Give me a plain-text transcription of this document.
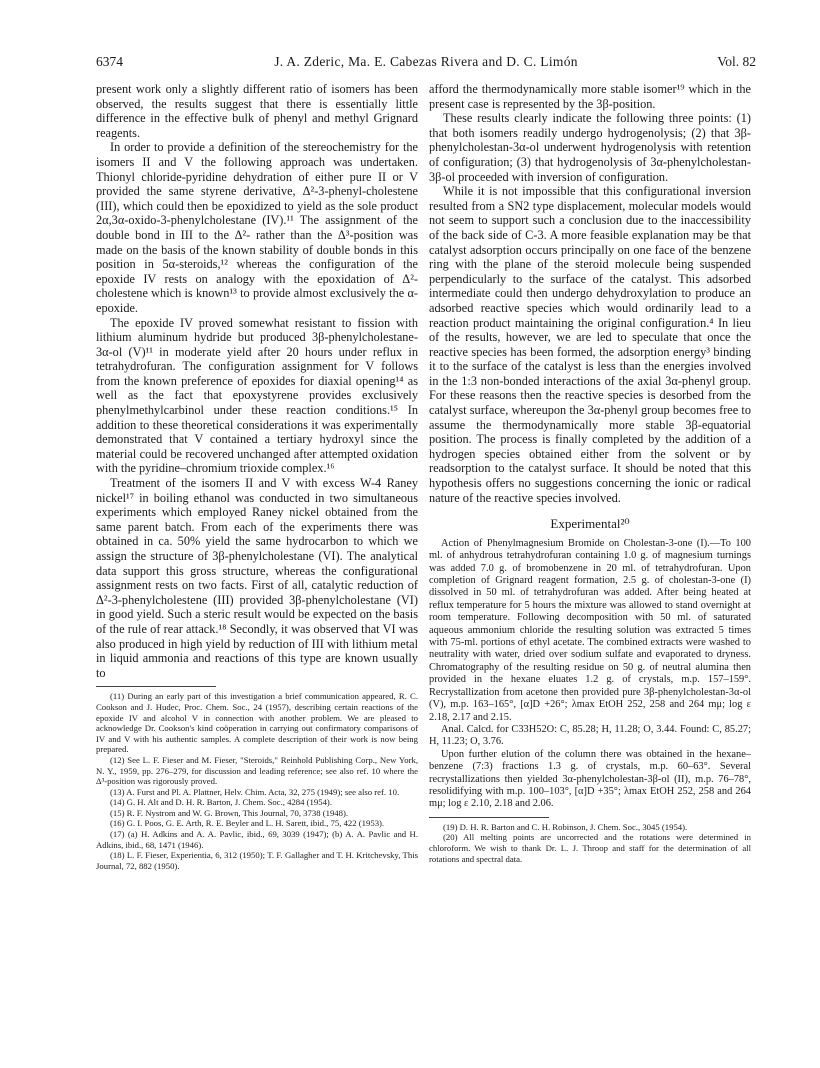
6374	J. A. Zderic, Ma. E. Cabezas Rivera and D. C. Limón	Vol. 82

present work only a slightly different ratio of isomers has been observed, the results suggest that there is essentially little difference in the effective bulk of phenyl and methyl Grignard reagents.

In order to provide a definition of the stereochemistry for the isomers II and V the following approach was undertaken. Thionyl chloride-pyridine dehydration of either pure II or V provided the same styrene derivative, Δ²-3-phenyl-cholestene (III), which could then be epoxidized to yield as the sole product 2α,3α-oxido-3-phenylcholestane (IV).¹¹ The assignment of the double bond in III to the Δ²- rather than the Δ³-position was made on the basis of the known stability of double bonds in this position in 5α-steroids,¹² whereas the configuration of the epoxide IV rests on analogy with the epoxidation of Δ²-cholestene which is known¹³ to provide almost exclusively the α-epoxide.

The epoxide IV proved somewhat resistant to fission with lithium aluminum hydride but produced 3β-phenylcholestane-3α-ol (V)¹¹ in moderate yield after 20 hours under reflux in tetrahydrofuran. The configuration assignment for V follows from the known preference of epoxides for diaxial opening¹⁴ as well as the fact that epoxystyrene provides exclusively phenylmethylcarbinol under these reaction conditions.¹⁵ In addition to these theoretical considerations it was experimentally demonstrated that V contained a tertiary hydroxyl since the material could be recovered unchanged after attempted oxidation with the pyridine–chromium trioxide complex.¹⁶

Treatment of the isomers II and V with excess W-4 Raney nickel¹⁷ in boiling ethanol was conducted in two simultaneous experiments which employed Raney nickel obtained from the same parent batch. From each of the experiments there was obtained in ca. 50% yield the same hydrocarbon to which we assign the structure of 3β-phenylcholestane (VI). The analytical data support this gross structure, whereas the configurational assignment rests on two facts. First of all, catalytic reduction of Δ²-3-phenylcholestene (III) provided 3β-phenylcholestane (VI) in good yield. Such a steric result would be expected on the basis of the rule of rear attack.¹⁸ Secondly, it was observed that VI was also produced in high yield by reduction of III with lithium metal in liquid ammonia and reactions of this type are known usually to

(11) During an early part of this investigation a brief communication appeared, R. C. Cookson and J. Hudec, Proc. Chem. Soc., 24 (1957), describing certain reactions of the epoxide IV and alcohol V in connection with another problem. We are pleased to acknowledge Dr. Cookson's kind coöperation in carrying out confirmatory comparisons of IV and V with his authentic samples. A complete description of their work is now being prepared.

(12) See L. F. Fieser and M. Fieser, "Steroids," Reinhold Publishing Corp., New York, N. Y., 1959, pp. 276–279, for discussion and leading reference; see also ref. 10 where the Δ³-position was rigorously proved.

(13) A. Furst and Pl. A. Plattner, Helv. Chim. Acta, 32, 275 (1949); see also ref. 10.

(14) G. H. Alt and D. H. R. Barton, J. Chem. Soc., 4284 (1954).

(15) R. F. Nystrom and W. G. Brown, This Journal, 70, 3738 (1948).

(16) G. I. Poos, G. E. Arth, R. E. Beyler and L. H. Sarett, ibid., 75, 422 (1953).

(17) (a) H. Adkins and A. A. Pavlic, ibid., 69, 3039 (1947); (b) A. A. Pavlic and H. Adkins, ibid., 68, 1471 (1946).

(18) L. F. Fieser, Experientia, 6, 312 (1950); T. F. Gallagher and T. H. Kritchevsky, This Journal, 72, 882 (1950).

afford the thermodynamically more stable isomer¹⁹ which in the present case is represented by the 3β-position.

These results clearly indicate the following three points: (1) that both isomers readily undergo hydrogenolysis; (2) that 3β-phenylcholestan-3α-ol underwent hydrogenolysis with retention of configuration; (3) that hydrogenolysis of 3α-phenylcholestan-3β-ol proceeded with inversion of configuration.

While it is not impossible that this configurational inversion resulted from a SN2 type displacement, molecular models would not seem to support such a conclusion due to the inaccessibility of the back side of C-3. A more feasible explanation may be that catalyst adsorption occurs principally on one face of the benzene ring with the plane of the steroid molecule being suspended perpendicularly to the surface of the catalyst. This adsorbed intermediate could then undergo dehydroxylation to produce an adsorbed reactive species which would ordinarily lead to a reaction product maintaining the original configuration.⁴ In lieu of the results, however, we are led to speculate that once the reactive species has been formed, the adsorption energy³ binding it to the surface of the catalyst is less than the energies involved in the 1:3 non-bonded interactions of the axial 3α-phenyl group. For these reasons then the reactive species is desorbed from the catalyst surface, whereupon the 3α-phenyl group becomes free to assume the thermodynamically more stable 3β-equatorial position. The process is finally completed by the addition of a hydrogen species obtained either from the solvent or by readsorption to the catalyst surface. It should be noted that this hypothesis offers no suggestions concerning the ionic or radical nature of the reactive species involved.

Experimental²⁰

Action of Phenylmagnesium Bromide on Cholestan-3-one (I).—To 100 ml. of anhydrous tetrahydrofuran containing 1.0 g. of magnesium turnings was added 7.0 g. of bromobenzene in 20 ml. of tetrahydrofuran. Upon completion of Grignard reagent formation, 2.5 g. of cholestan-3-one (I) dissolved in 50 ml. of tetrahydrofuran was added. After being heated at reflux temperature for 5 hours the mixture was allowed to stand overnight at room temperature. Following decomposition with 50 ml. of saturated aqueous ammonium chloride the resulting solution was extracted 5 times with 75-ml. portions of ethyl acetate. The combined extracts were washed to neutrality with water, dried over sodium sulfate and evaporated to dryness. Chromatography of the resulting residue on 50 g. of neutral alumina then provided in the hexane eluates 1.2 g. of crystals, m.p. 157–159°. Recrystallization from acetone then provided pure 3β-phenylcholestan-3α-ol (V), m.p. 163–165°, [α]D +26°; λmax EtOH 252, 258 and 264 mμ; log ε 2.18, 2.17 and 2.15.

Anal. Calcd. for C33H52O: C, 85.28; H, 11.28; O, 3.44. Found: C, 85.27; H, 11.23; O, 3.76.

Upon further elution of the column there was obtained in the hexane–benzene (7:3) fractions 1.3 g. of crystals, m.p. 60–63°. Several recrystallizations then yielded 3α-phenylcholestan-3β-ol (II), m.p. 76–78°, resolidifying with m.p. 100–103°, [α]D +35°; λmax EtOH 252, 258 and 264 mμ; log ε 2.10, 2.18 and 2.06.

(19) D. H. R. Barton and C. H. Robinson, J. Chem. Soc., 3045 (1954).

(20) All melting points are uncorrected and the rotations were determined in chloroform. We wish to thank Dr. L. J. Throop and staff for the determination of all rotations and spectral data.
